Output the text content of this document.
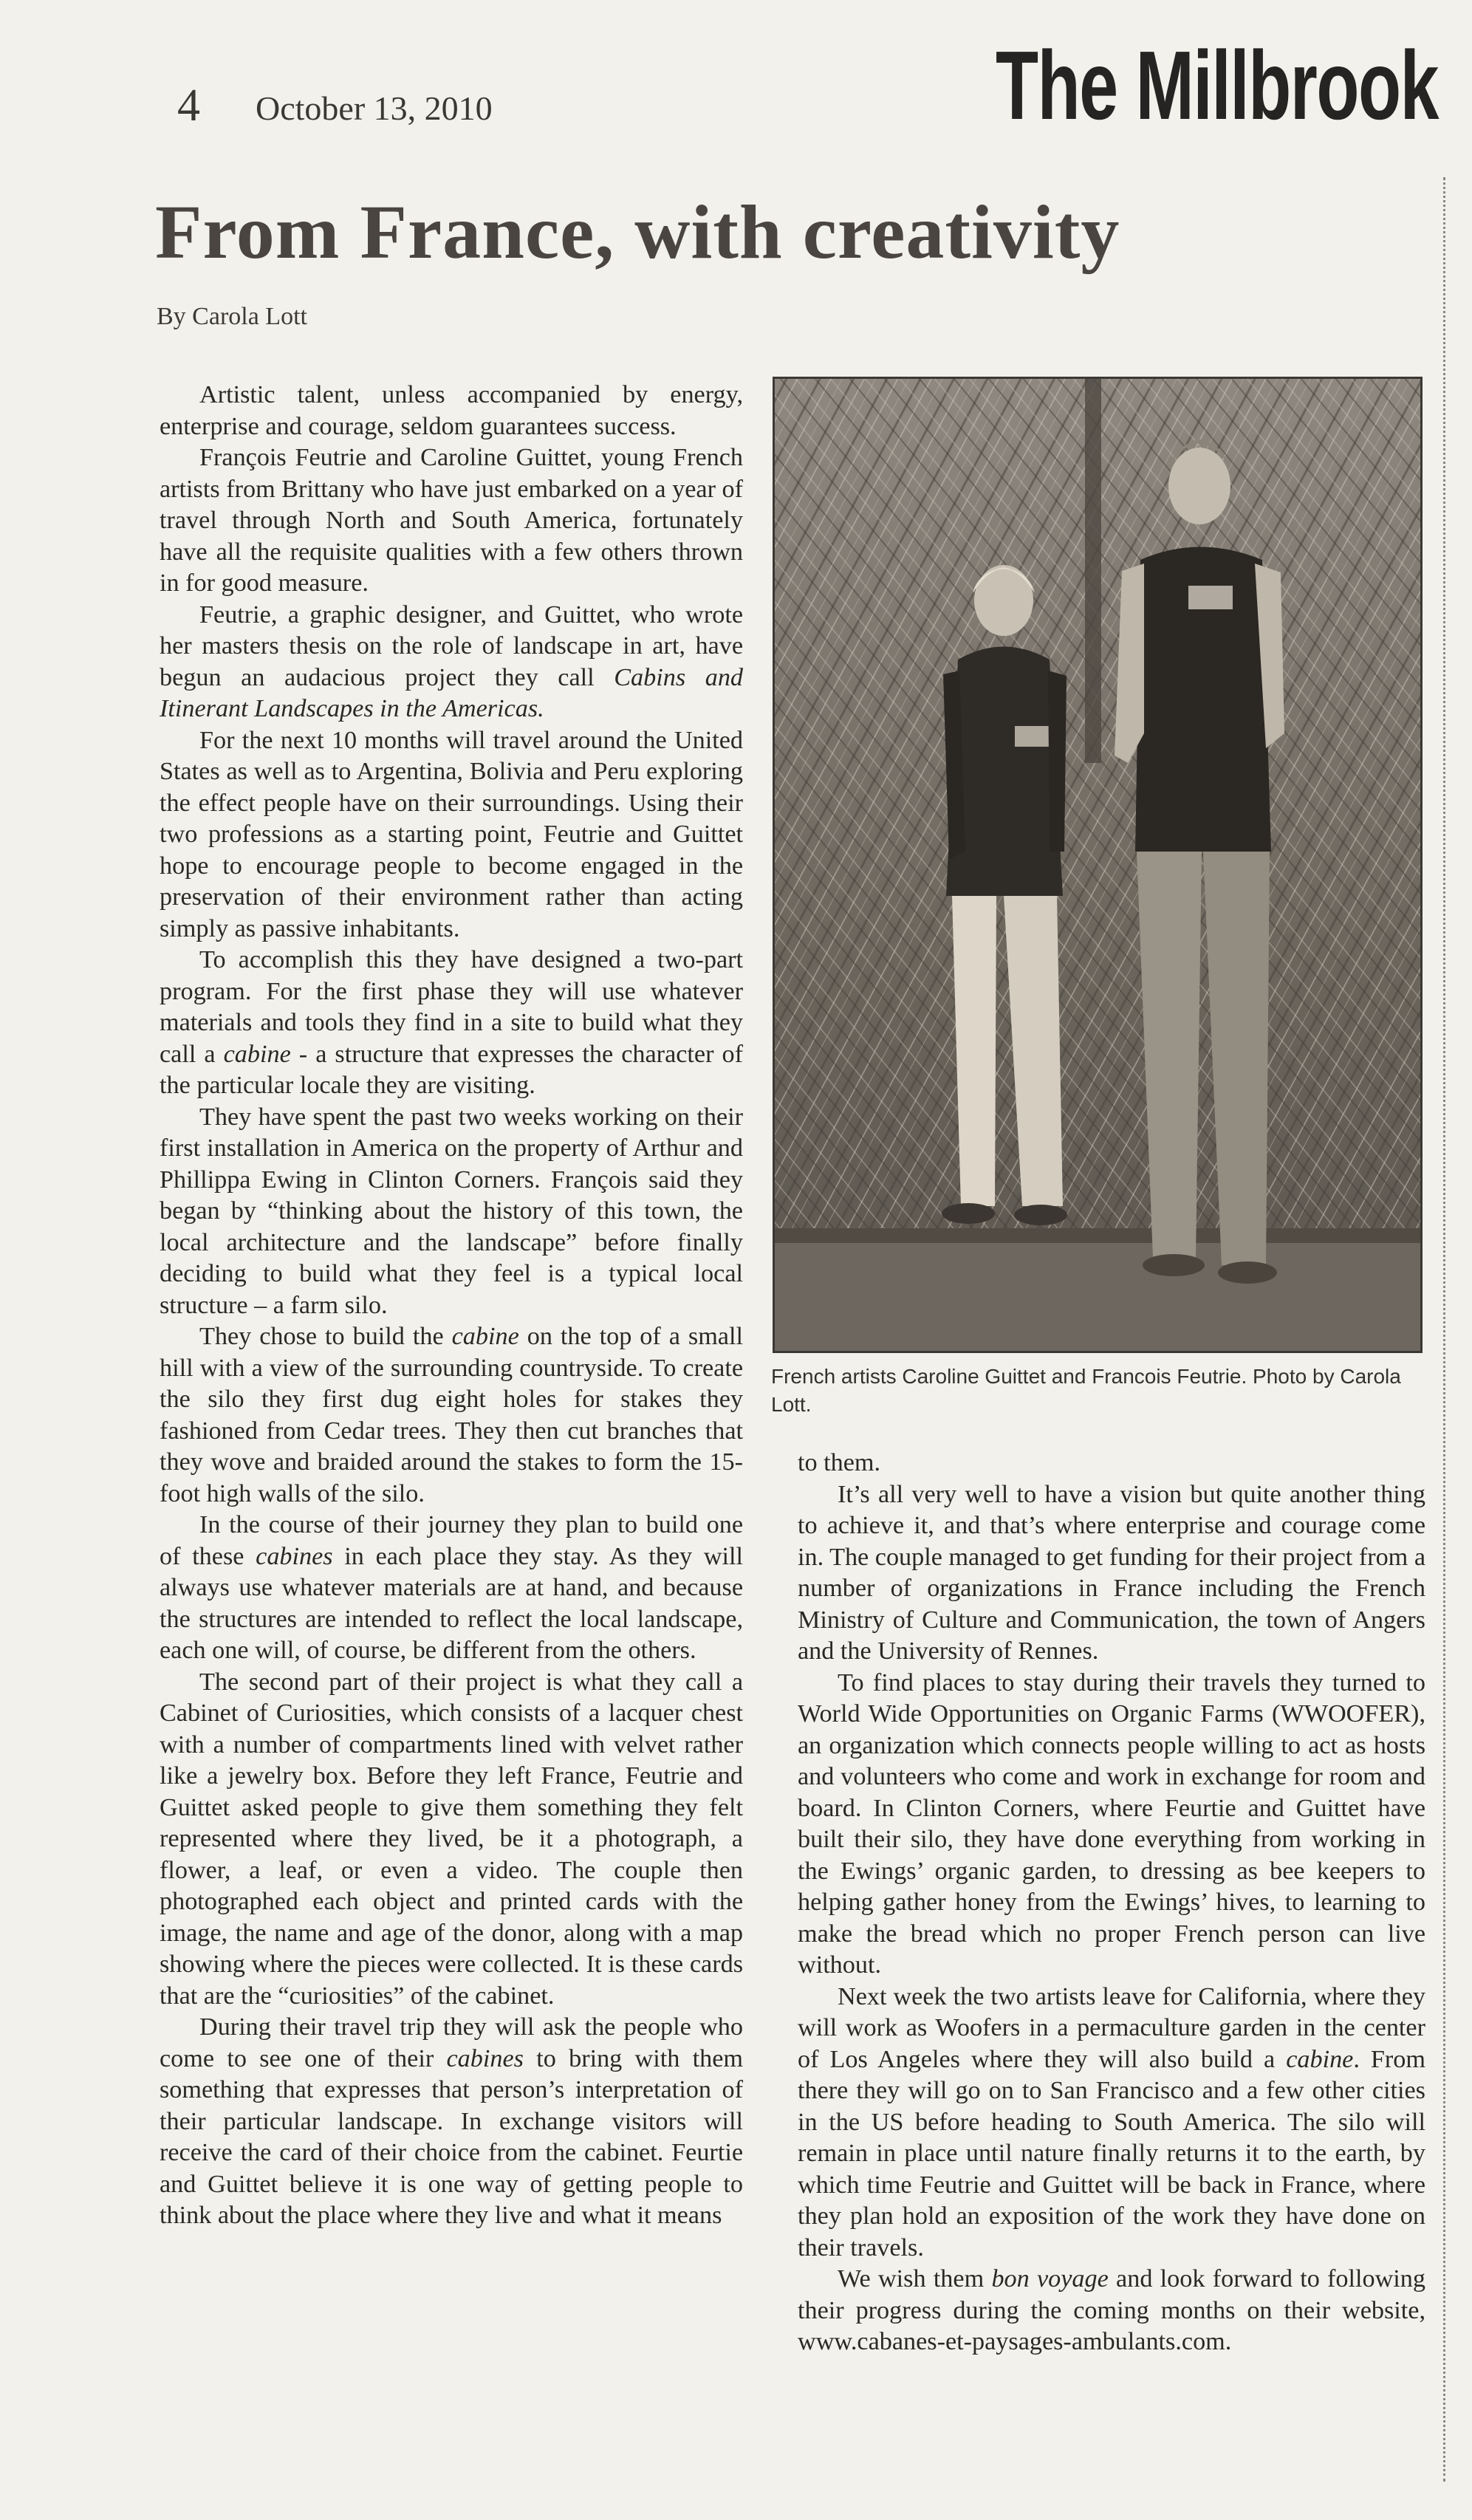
4 October 13, 2010	The Millbrook
From France, with creativity
By Carola Lott

Artistic talent, unless accompanied by energy, enterprise and courage, seldom guarantees success.

François Feutrie and Caroline Guittet, young French artists from Brittany who have just embarked on a year of travel through North and South America, fortunately have all the requisite qualities with a few others thrown in for good measure.

Feutrie, a graphic designer, and Guittet, who wrote her masters thesis on the role of landscape in art, have begun an audacious project they call Cabins and Itinerant Landscapes in the Americas.

For the next 10 months will travel around the United States as well as to Argentina, Bolivia and Peru exploring the effect people have on their surroundings. Using their two professions as a starting point, Feutrie and Guittet hope to encourage people to become engaged in the preservation of their environment rather than acting simply as passive inhabitants.

To accomplish this they have designed a two-part program. For the first phase they will use whatever materials and tools they find in a site to build what they call a cabine - a structure that expresses the character of the particular locale they are visiting.

They have spent the past two weeks working on their first installation in America on the property of Arthur and Phillippa Ewing in Clinton Corners. François said they began by “thinking about the history of this town, the local architecture and the landscape” before finally deciding to build what they feel is a typical local structure – a farm silo.

They chose to build the cabine on the top of a small hill with a view of the surrounding countryside. To create the silo they first dug eight holes for stakes they fashioned from Cedar trees. They then cut branches that they wove and braided around the stakes to form the 15-foot high walls of the silo.

In the course of their journey they plan to build one of these cabines in each place they stay. As they will always use whatever materials are at hand, and because the structures are intended to reflect the local landscape, each one will, of course, be different from the others.

The second part of their project is what they call a Cabinet of Curiosities, which consists of a lacquer chest with a number of compartments lined with velvet rather like a jewelry box. Before they left France, Feutrie and Guittet asked people to give them something they felt represented where they lived, be it a photograph, a flower, a leaf, or even a video. The couple then photographed each object and printed cards with the image, the name and age of the donor, along with a map showing where the pieces were collected. It is these cards that are the “curiosities” of the cabinet.

During their travel trip they will ask the people who come to see one of their cabines to bring with them something that expresses that person’s interpretation of their particular landscape. In exchange visitors will receive the card of their choice from the cabinet. Feurtie and Guittet believe it is one way of getting people to think about the place where they live and what it means

French artists Caroline Guittet and Francois Feutrie. Photo by Carola Lott.

to them.

It’s all very well to have a vision but quite another thing to achieve it, and that’s where enterprise and courage come in. The couple managed to get funding for their project from a number of organizations in France including the French Ministry of Culture and Communication, the town of Angers and the University of Rennes.

To find places to stay during their travels they turned to World Wide Opportunities on Organic Farms (WWOOFER), an organization which connects people willing to act as hosts and volunteers who come and work in exchange for room and board. In Clinton Corners, where Feurtie and Guittet have built their silo, they have done everything from working in the Ewings’ organic garden, to dressing as bee keepers to helping gather honey from the Ewings’ hives, to learning to make the bread which no proper French person can live without.

Next week the two artists leave for California, where they will work as Woofers in a permaculture garden in the center of Los Angeles where they will also build a cabine. From there they will go on to San Francisco and a few other cities in the US before heading to South America. The silo will remain in place until nature finally returns it to the earth, by which time Feutrie and Guittet will be back in France, where they plan hold an exposition of the work they have done on their travels.

We wish them bon voyage and look forward to following their progress during the coming months on their website, www.cabanes-et-paysages-ambulants.com.
